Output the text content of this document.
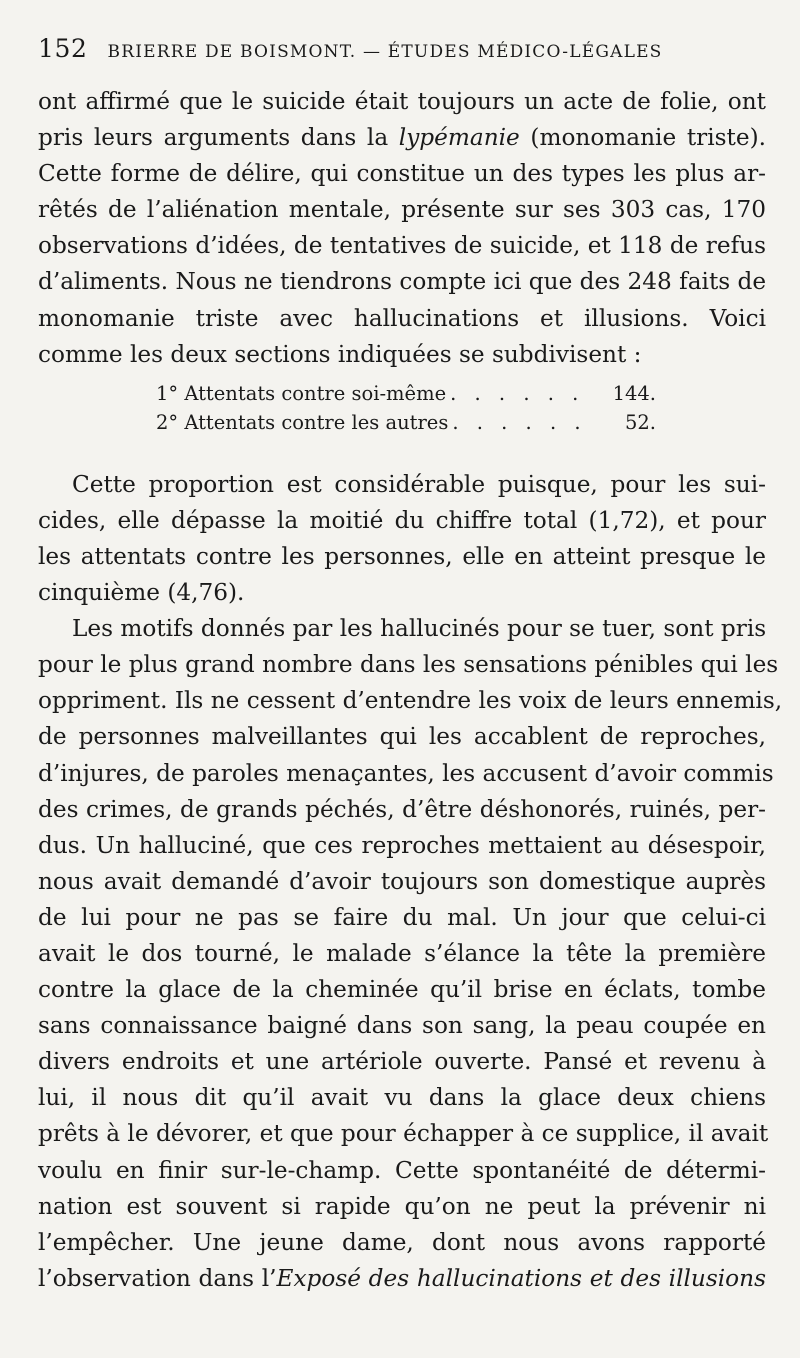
152 BRIERRE DE BOISMONT. — ÉTUDES MÉDICO-LÉGALES

ont affirmé que le suicide était toujours un acte de folie, ont
pris leurs arguments dans la lypémanie (monomanie triste).
Cette forme de délire, qui constitue un des types les plus ar-
rêtés de l’aliénation mentale, présente sur ses 303 cas, 170
observations d’idées, de tentatives de suicide, et 118 de refus
d’aliments. Nous ne tiendrons compte ici que des 248 faits de
monomanie triste avec hallucinations et illusions. Voici
comme les deux sections indiquées se subdivisent :

1° Attentats contre soi-même . . . . . .	144.
2° Attentats contre les autres . . . . . .	52.

Cette proportion est considérable puisque, pour les sui-
cides, elle dépasse la moitié du chiffre total (1,72), et pour
les attentats contre les personnes, elle en atteint presque le
cinquième (4,76).

Les motifs donnés par les hallucinés pour se tuer, sont pris
pour le plus grand nombre dans les sensations pénibles qui les
oppriment. Ils ne cessent d’entendre les voix de leurs ennemis,
de personnes malveillantes qui les accablent de reproches,
d’injures, de paroles menaçantes, les accusent d’avoir commis
des crimes, de grands péchés, d’être déshonorés, ruinés, per-
dus. Un halluciné, que ces reproches mettaient au désespoir,
nous avait demandé d’avoir toujours son domestique auprès
de lui pour ne pas se faire du mal. Un jour que celui-ci
avait le dos tourné, le malade s’élance la tête la première
contre la glace de la cheminée qu’il brise en éclats, tombe
sans connaissance baigné dans son sang, la peau coupée en
divers endroits et une artériole ouverte. Pansé et revenu à
lui, il nous dit qu’il avait vu dans la glace deux chiens
prêts à le dévorer, et que pour échapper à ce supplice, il avait
voulu en finir sur-le-champ. Cette spontanéité de détermi-
nation est souvent si rapide qu’on ne peut la prévenir ni
l’empêcher. Une jeune dame, dont nous avons rapporté
l’observation dans l’Exposé des hallucinations et des illusions
